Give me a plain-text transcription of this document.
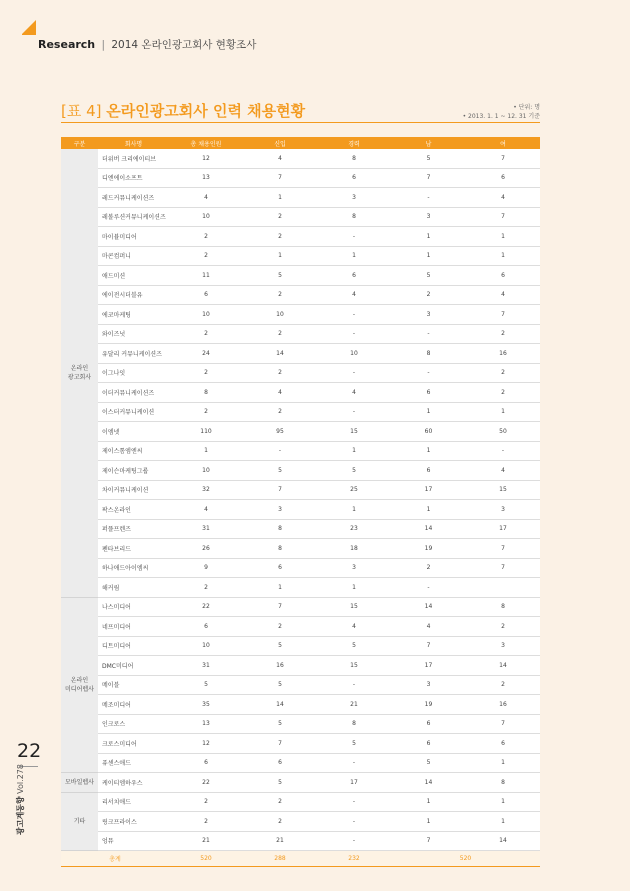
Research | 2014 온라인광고회사 현황조사
[표 4] 온라인광고회사 인력 채용현황	• 단위: 명
• 2013. 1. 1 ~ 12. 31 기준
구분	회사명	총 채용인원	신입	경력	남	여
온라인
광고회사	더위버 크리에이티브	12	4	8	5	7
	디엔에이소프트	13	7	6	7	6
	레드커뮤니케이션즈	4	1	3	-	4
	레볼루션커뮤니케이션즈	10	2	8	3	7
	마이뷸미디어	2	2	-	1	1
	마콘컴퍼니	2	1	1	1	1
	애드미션	11	5	6	5	6
	에이전시더블유	6	2	4	2	4
	에코마케팅	10	10	-	3	7
	와이즈넛	2	2	-	-	2
	유달리 커뮤니케이션즈	24	14	10	8	16
	이그나잇	2	2	-	-	2
	이더커뮤니케이션즈	8	4	4	6	2
	이스터커뮤니케이션	2	2	-	1	1
	이엠넷	110	95	15	60	50
	제이스톰엠엔씨	1	-	1	1	-
	제이슨마케팅그룹	10	5	5	6	4
	차이커뮤니케이션	32	7	25	17	15
	팍스온라인	4	3	1	1	3
	퍼플프렌즈	31	8	23	14	17
	펜타브리드	26	8	18	19	7
	하나애드아이엠씨	9	6	3	2	7
	해커림	2	1	1	-	
온라인
미디어렙사	나스미디어	22	7	15	14	8
	네프미디어	6	2	4	4	2
	디트미디어	10	5	5	7	3
	DMC미디어	31	16	15	17	14
	메이블	5	5	-	3	2
	메조미디어	35	14	21	19	16
	인크로스	13	5	8	6	7
	크로스미디어	12	7	5	6	6
	퓨센스애드	6	6	-	5	1
모바일렙사	케이티엠하우스	22	5	17	14	8
기타	리서치애드	2	2	-	1	1
	링크프라이스	2	2	-	1	1
	엉뮤	21	21	-	7	14
총계		520	288	232	520	
22
광고계동향 Vol.278
